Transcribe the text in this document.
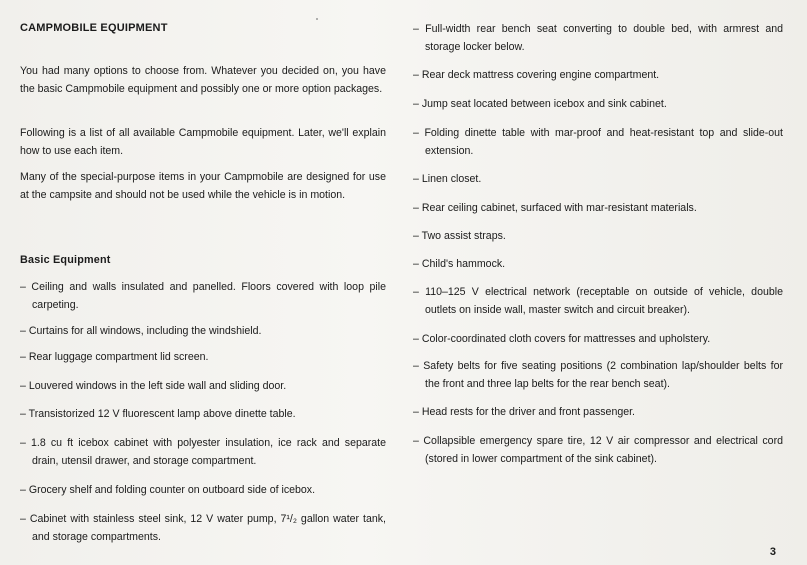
CAMPMOBILE EQUIPMENT
You had many options to choose from. Whatever you decided on, you have the basic Campmobile equipment and possibly one or more option packages.
Following is a list of all available Campmobile equipment. Later, we'll explain how to use each item.
Many of the special-purpose items in your Campmobile are designed for use at the campsite and should not be used while the vehicle is in motion.
Basic Equipment
– Ceiling and walls insulated and panelled. Floors covered with loop pile carpeting.
– Curtains for all windows, including the windshield.
– Rear luggage compartment lid screen.
– Louvered windows in the left side wall and sliding door.
– Transistorized 12 V fluorescent lamp above dinette table.
– 1.8 cu ft icebox cabinet with polyester insulation, ice rack and separate drain, utensil drawer, and storage compartment.
– Grocery shelf and folding counter on outboard side of icebox.
– Cabinet with stainless steel sink, 12 V water pump, 7¹/₂ gallon water tank, and storage compartments.
– Full-width rear bench seat converting to double bed, with armrest and storage locker below.
– Rear deck mattress covering engine compartment.
– Jump seat located between icebox and sink cabinet.
– Folding dinette table with mar-proof and heat-resistant top and slide-out extension.
– Linen closet.
– Rear ceiling cabinet, surfaced with mar-resistant materials.
– Two assist straps.
– Child's hammock.
– 110–125 V electrical network (receptable on outside of vehicle, double outlets on inside wall, master switch and circuit breaker).
– Color-coordinated cloth covers for mattresses and upholstery.
– Safety belts for five seating positions (2 combination lap/shoulder belts for the front and three lap belts for the rear bench seat).
– Head rests for the driver and front passenger.
– Collapsible emergency spare tire, 12 V air compressor and electrical cord (stored in lower compartment of the sink cabinet).
3
